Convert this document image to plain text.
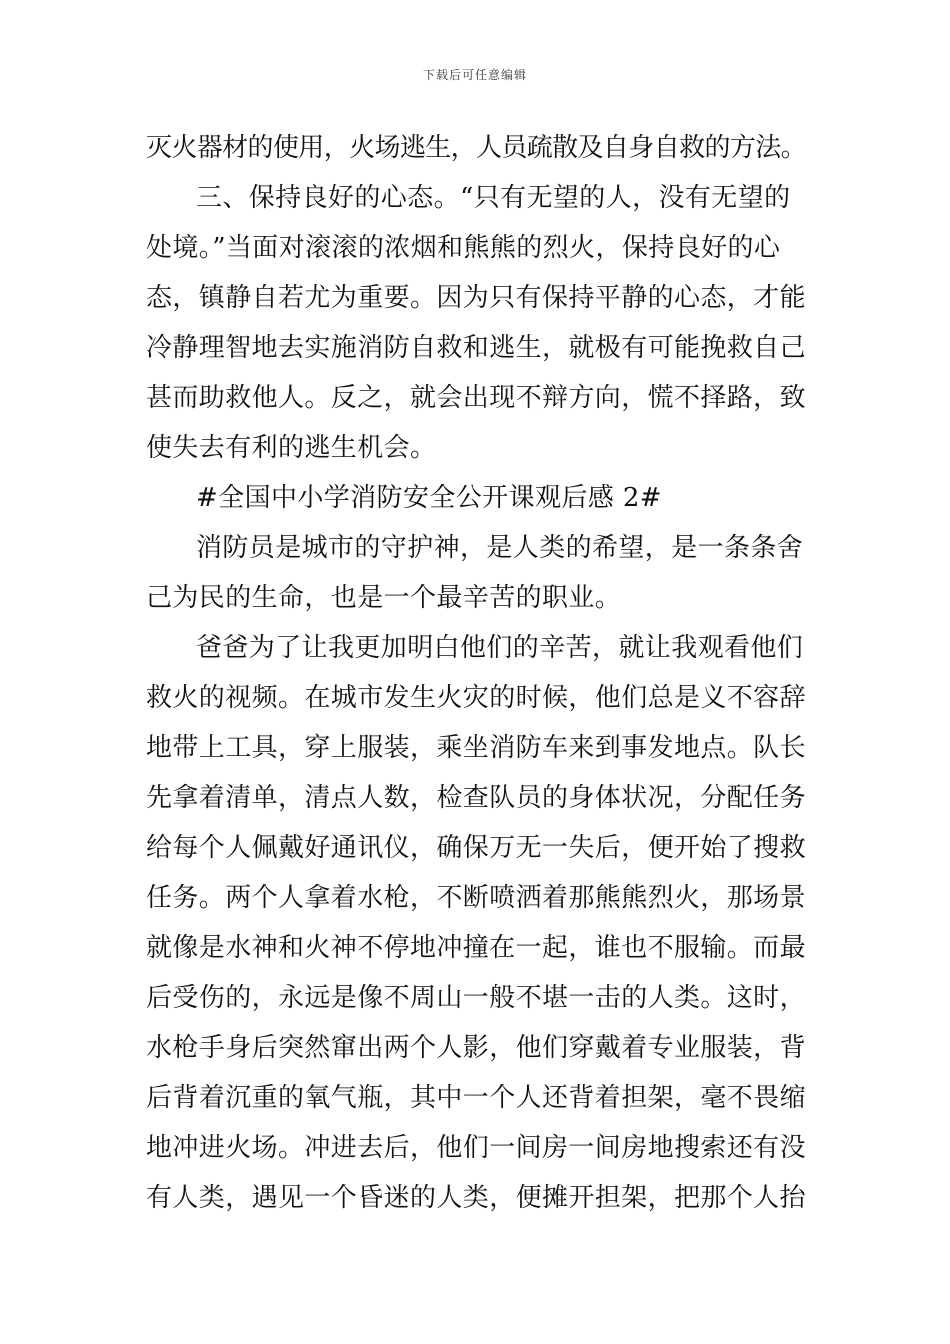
下载后可任意编辑
灭火器材的使用，火场逃生，人员疏散及自身自救的方法。
三、保持良好的心态。“只有无望的人，没有无望的
处境。”当面对滚滚的浓烟和熊熊的烈火，保持良好的心
态，镇静自若尤为重要。因为只有保持平静的心态，才能
冷静理智地去实施消防自救和逃生，就极有可能挽救自己
甚而助救他人。反之，就会出现不辩方向，慌不择路，致
使失去有利的逃生机会。
#全国中小学消防安全公开课观后感 2#
消防员是城市的守护神，是人类的希望，是一条条舍
己为民的生命，也是一个最辛苦的职业。
爸爸为了让我更加明白他们的辛苦，就让我观看他们
救火的视频。在城市发生火灾的时候，他们总是义不容辞
地带上工具，穿上服装，乘坐消防车来到事发地点。队长
先拿着清单，清点人数，检查队员的身体状况，分配任务
给每个人佩戴好通讯仪，确保万无一失后，便开始了搜救
任务。两个人拿着水枪，不断喷洒着那熊熊烈火，那场景
就像是水神和火神不停地冲撞在一起，谁也不服输。而最
后受伤的，永远是像不周山一般不堪一击的人类。这时，
水枪手身后突然窜出两个人影，他们穿戴着专业服装，背
后背着沉重的氧气瓶，其中一个人还背着担架，毫不畏缩
地冲进火场。冲进去后，他们一间房一间房地搜索还有没
有人类，遇见一个昏迷的人类，便摊开担架，把那个人抬
